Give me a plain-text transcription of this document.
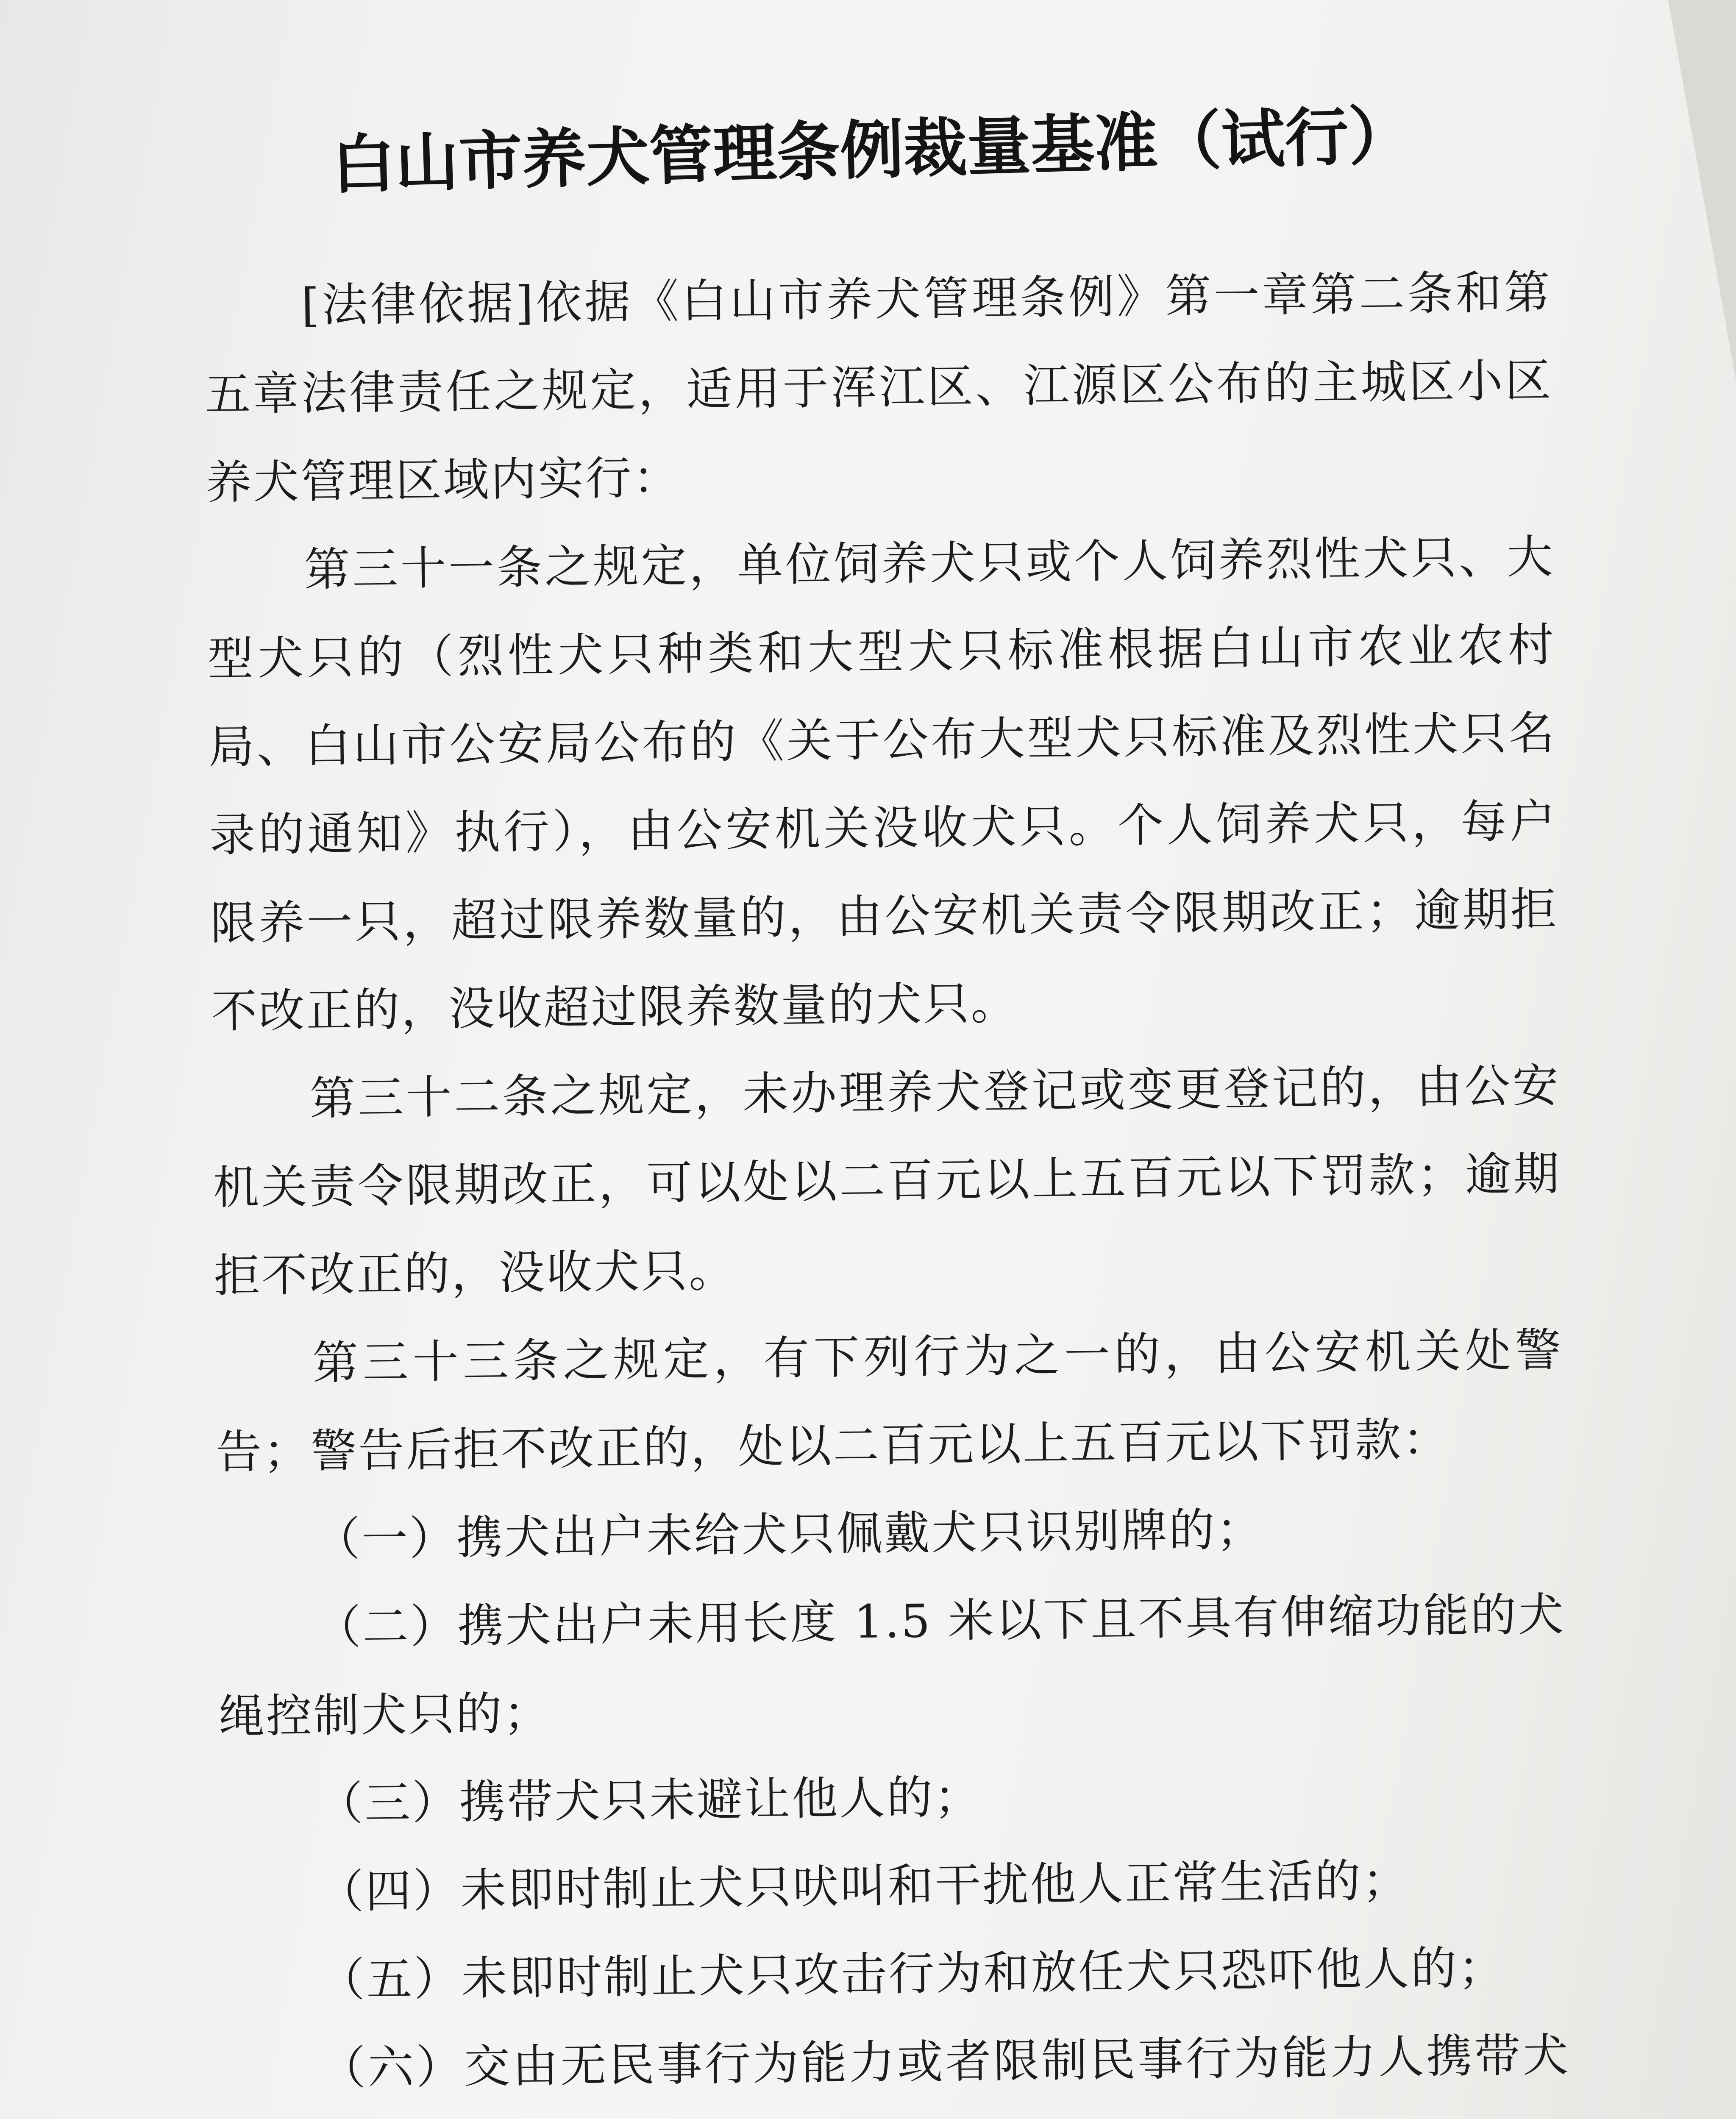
白山市养犬管理条例裁量基准（试行）

[法律依据]依据《白山市养犬管理条例》第一章第二条和第五章法律责任之规定，适用于浑江区、江源区公布的主城区小区养犬管理区域内实行：

第三十一条之规定，单位饲养犬只或个人饲养烈性犬只、大型犬只的（烈性犬只种类和大型犬只标准根据白山市农业农村局、白山市公安局公布的《关于公布大型犬只标准及烈性犬只名录的通知》执行），由公安机关没收犬只。个人饲养犬只，每户限养一只，超过限养数量的，由公安机关责令限期改正；逾期拒不改正的，没收超过限养数量的犬只。

第三十二条之规定，未办理养犬登记或变更登记的，由公安机关责令限期改正，可以处以二百元以上五百元以下罚款；逾期拒不改正的，没收犬只。

第三十三条之规定，有下列行为之一的，由公安机关处警告；警告后拒不改正的，处以二百元以上五百元以下罚款：

（一）携犬出户未给犬只佩戴犬只识别牌的；

（二）携犬出户未用长度 1.5 米以下且不具有伸缩功能的犬绳控制犬只的；

（三）携带犬只未避让他人的；

（四）未即时制止犬只吠叫和干扰他人正常生活的；

（五）未即时制止犬只攻击行为和放任犬只恐吓他人的；

（六）交由无民事行为能力或者限制民事行为能力人携带犬只的；
